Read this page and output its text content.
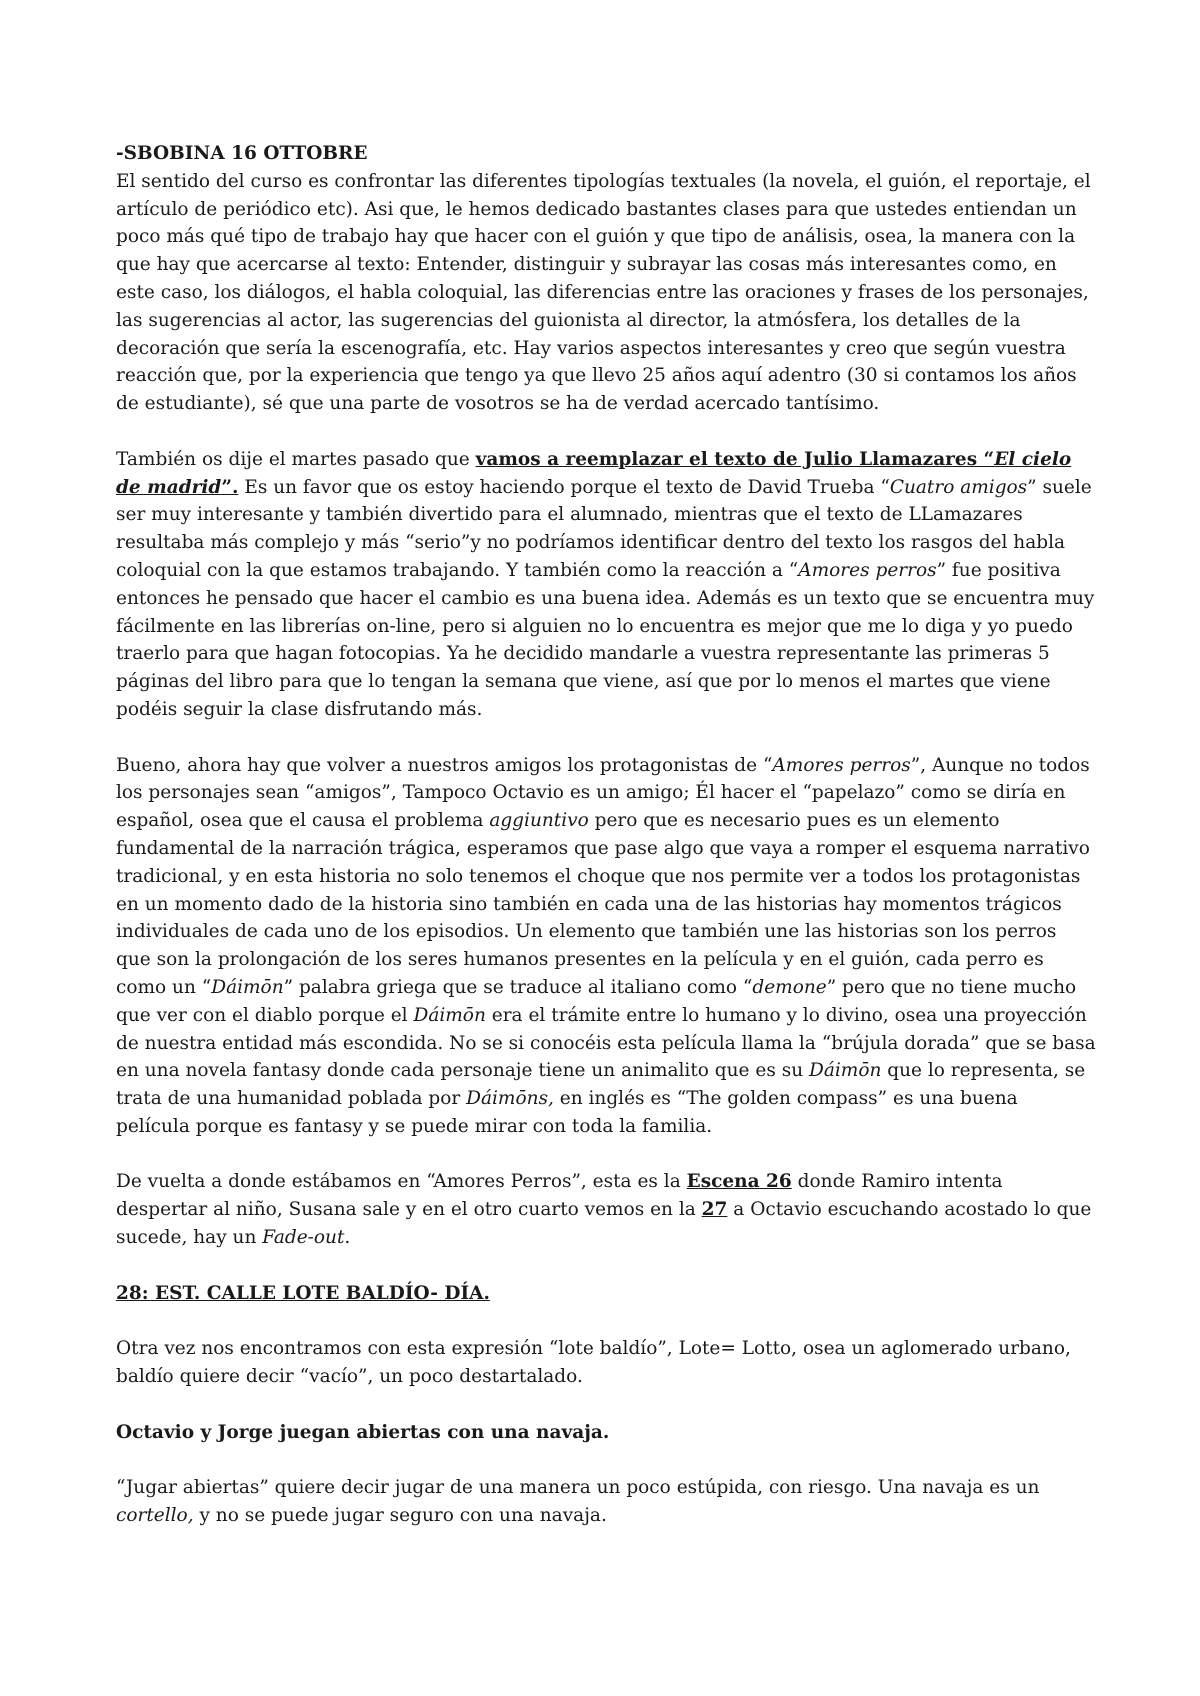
-SBOBINA 16 OTTOBRE

El sentido del curso es confrontar las diferentes tipologías textuales (la novela, el guión, el reportaje, el artículo de periódico etc). Asi que, le hemos dedicado bastantes clases para que ustedes entiendan un poco más qué tipo de trabajo hay que hacer con el guión y que tipo de análisis, osea, la manera con la que hay que acercarse al texto: Entender, distinguir y subrayar las cosas más interesantes como, en este caso, los diálogos, el habla coloquial, las diferencias entre las oraciones y frases de los personajes, las sugerencias al actor, las sugerencias del guionista al director, la atmósfera, los detalles de la decoración que sería la escenografía, etc. Hay varios aspectos interesantes y creo que según vuestra reacción que, por la experiencia que tengo ya que llevo 25 años aquí adentro (30 si contamos los años de estudiante), sé que una parte de vosotros se ha de verdad acercado tantísimo.

También os dije el martes pasado que vamos a reemplazar el texto de Julio Llamazares “El cielo de madrid”. Es un favor que os estoy haciendo porque el texto de David Trueba “Cuatro amigos” suele ser muy interesante y también divertido para el alumnado, mientras que el texto de LLamazares resultaba más complejo y más “serio”y no podríamos identificar dentro del texto los rasgos del habla coloquial con la que estamos trabajando. Y también como la reacción a “Amores perros” fue positiva entonces he pensado que hacer el cambio es una buena idea. Además es un texto que se encuentra muy fácilmente en las librerías on-line, pero si alguien no lo encuentra es mejor que me lo diga y yo puedo traerlo para que hagan fotocopias. Ya he decidido mandarle a vuestra representante las primeras 5 páginas del libro para que lo tengan la semana que viene, así que por lo menos el martes que viene podéis seguir la clase disfrutando más.

Bueno, ahora hay que volver a nuestros amigos los protagonistas de “Amores perros”, Aunque no todos los personajes sean “amigos”, Tampoco Octavio es un amigo; Él hacer el “papelazo” como se diría en español, osea que el causa el problema aggiuntivo pero que es necesario pues es un elemento fundamental de la narración trágica, esperamos que pase algo que vaya a romper el esquema narrativo tradicional, y en esta historia no solo tenemos el choque que nos permite ver a todos los protagonistas en un momento dado de la historia sino también en cada una de las historias hay momentos trágicos individuales de cada uno de los episodios. Un elemento que también une las historias son los perros que son la prolongación de los seres humanos presentes en la película y en el guión, cada perro es como un “Dáimōn” palabra griega que se traduce al italiano como “demone” pero que no tiene mucho que ver con el diablo porque el Dáimōn era el trámite entre lo humano y lo divino, osea una proyección de nuestra entidad más escondida. No se si conocéis esta película llama la “brújula dorada” que se basa en una novela fantasy donde cada personaje tiene un animalito que es su Dáimōn que lo representa, se trata de una humanidad poblada por Dáimōns, en inglés es “The golden compass” es una buena película porque es fantasy y se puede mirar con toda la familia.

De vuelta a donde estábamos en “Amores Perros”, esta es la Escena 26 donde Ramiro intenta despertar al niño, Susana sale y en el otro cuarto vemos en la 27 a Octavio escuchando acostado lo que sucede, hay un Fade-out.

28: EST. CALLE LOTE BALDÍO- DÍA.

Otra vez nos encontramos con esta expresión “lote baldío”, Lote= Lotto, osea un aglomerado urbano, baldío quiere decir “vacío”, un poco destartalado.

Octavio y Jorge juegan abiertas con una navaja.

“Jugar abiertas” quiere decir jugar de una manera un poco estúpida, con riesgo. Una navaja es un cortello, y no se puede jugar seguro con una navaja.
